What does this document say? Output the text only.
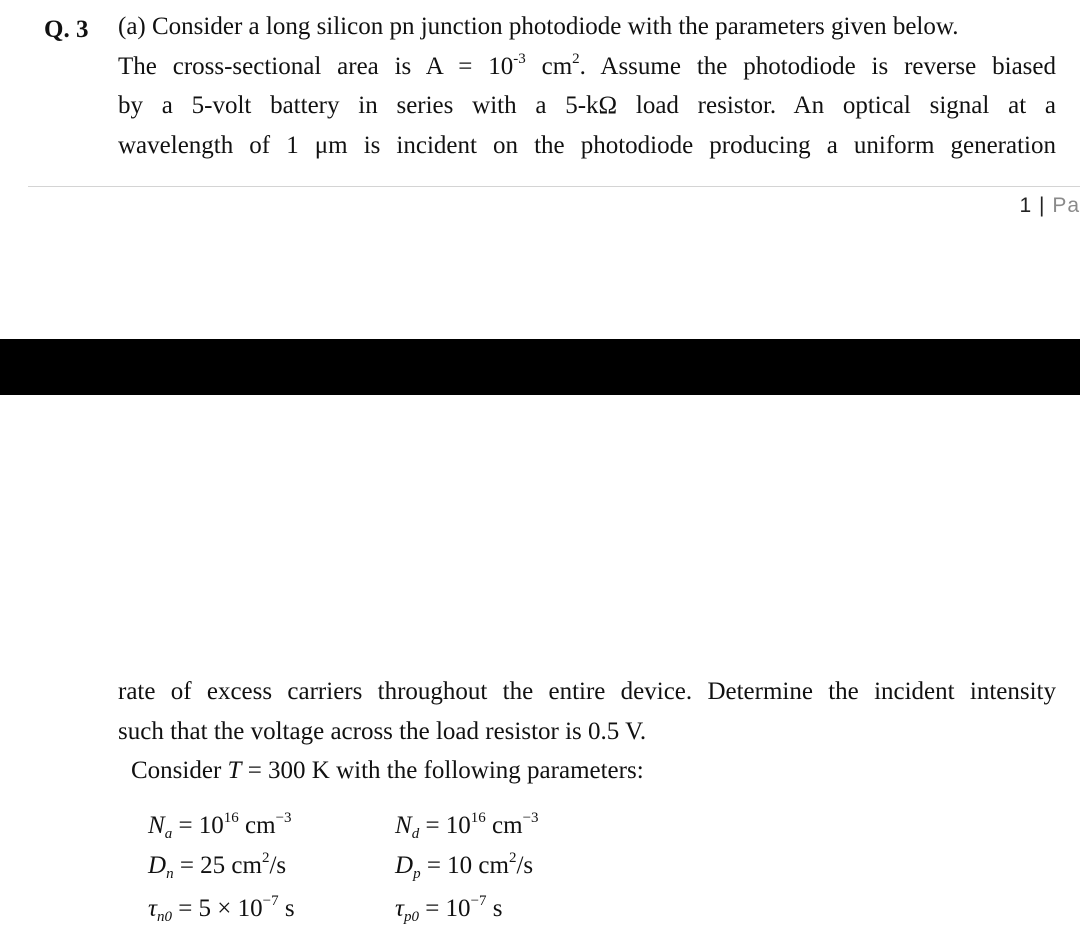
Q. 3 (a) Consider a long silicon pn junction photodiode with the parameters given below.
The cross-sectional area is $A = 10^{-3}$ $cm^2$. Assume the photodiode is reverse biased
by a 5-volt battery in series with a 5-kΩ load resistor. An optical signal at a
wavelength of 1 μm is incident on the photodiode producing a uniform generation
1 | Pa
rate of excess carriers throughout the entire device. Determine the incident intensity
such that the voltage across the load resistor is 0.5 V.
Consider T = 300 K with the following parameters:
$N_a = 10^{16}$ $cm^{-3}$	$N_d = 10^{16}$ $cm^{-3}$
$D_n = 25$ $cm^2/s$	$D_p = 10$ $cm^2/s$
$\tau_{n0} = 5 \times 10^{-7}$ s	$\tau_{p0} = 10^{-7}$ s
